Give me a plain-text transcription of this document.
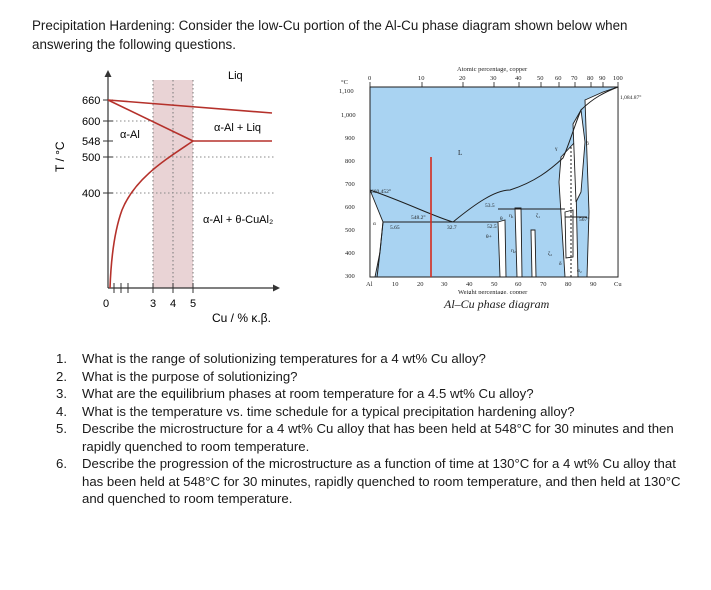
Precipitation Hardening: Consider the low-Cu portion of the Al-Cu phase diagram shown below when answering the following questions.
Liq
α-Al + Liq
α-Al
α-Al + θ-CuAl₂
660
600
548
500
400
0	3 4 5
Cu / % κ.β.
T / °C
Atomic percentage, copper
0	10	20	30	40 50 60 70 80 90 100
°C
1,100
1,000
900
800
700
600
500
400
300
Al	10	20	30	40	50	60	70	80	90	Cu
Weight percentage, copper
660.452°
1,084.87°
548.2°
5.65	32.7
53.5
52.5
θ+
567°
L
α
θ η₁	ζ₁
η₂	ζ₂
γ
β
δ
α₂
Al–Cu phase diagram
1.	What is the range of solutionizing temperatures for a 4 wt% Cu alloy?
2.	What is the purpose of solutionizing?
3.	What are the equilibrium phases at room temperature for a 4.5 wt% Cu alloy?
4.	What is the temperature vs. time schedule for a typical precipitation hardening alloy?
5.	Describe the microstructure for a 4 wt% Cu alloy that has been held at 548°C for 30 minutes and then rapidly quenched to room temperature.
6.	Describe the progression of the microstructure as a function of time at 130°C for a 4 wt% Cu alloy that has been held at 548°C for 30 minutes, rapidly quenched to room temperature, and then held at 130°C and quenched to room temperature.
